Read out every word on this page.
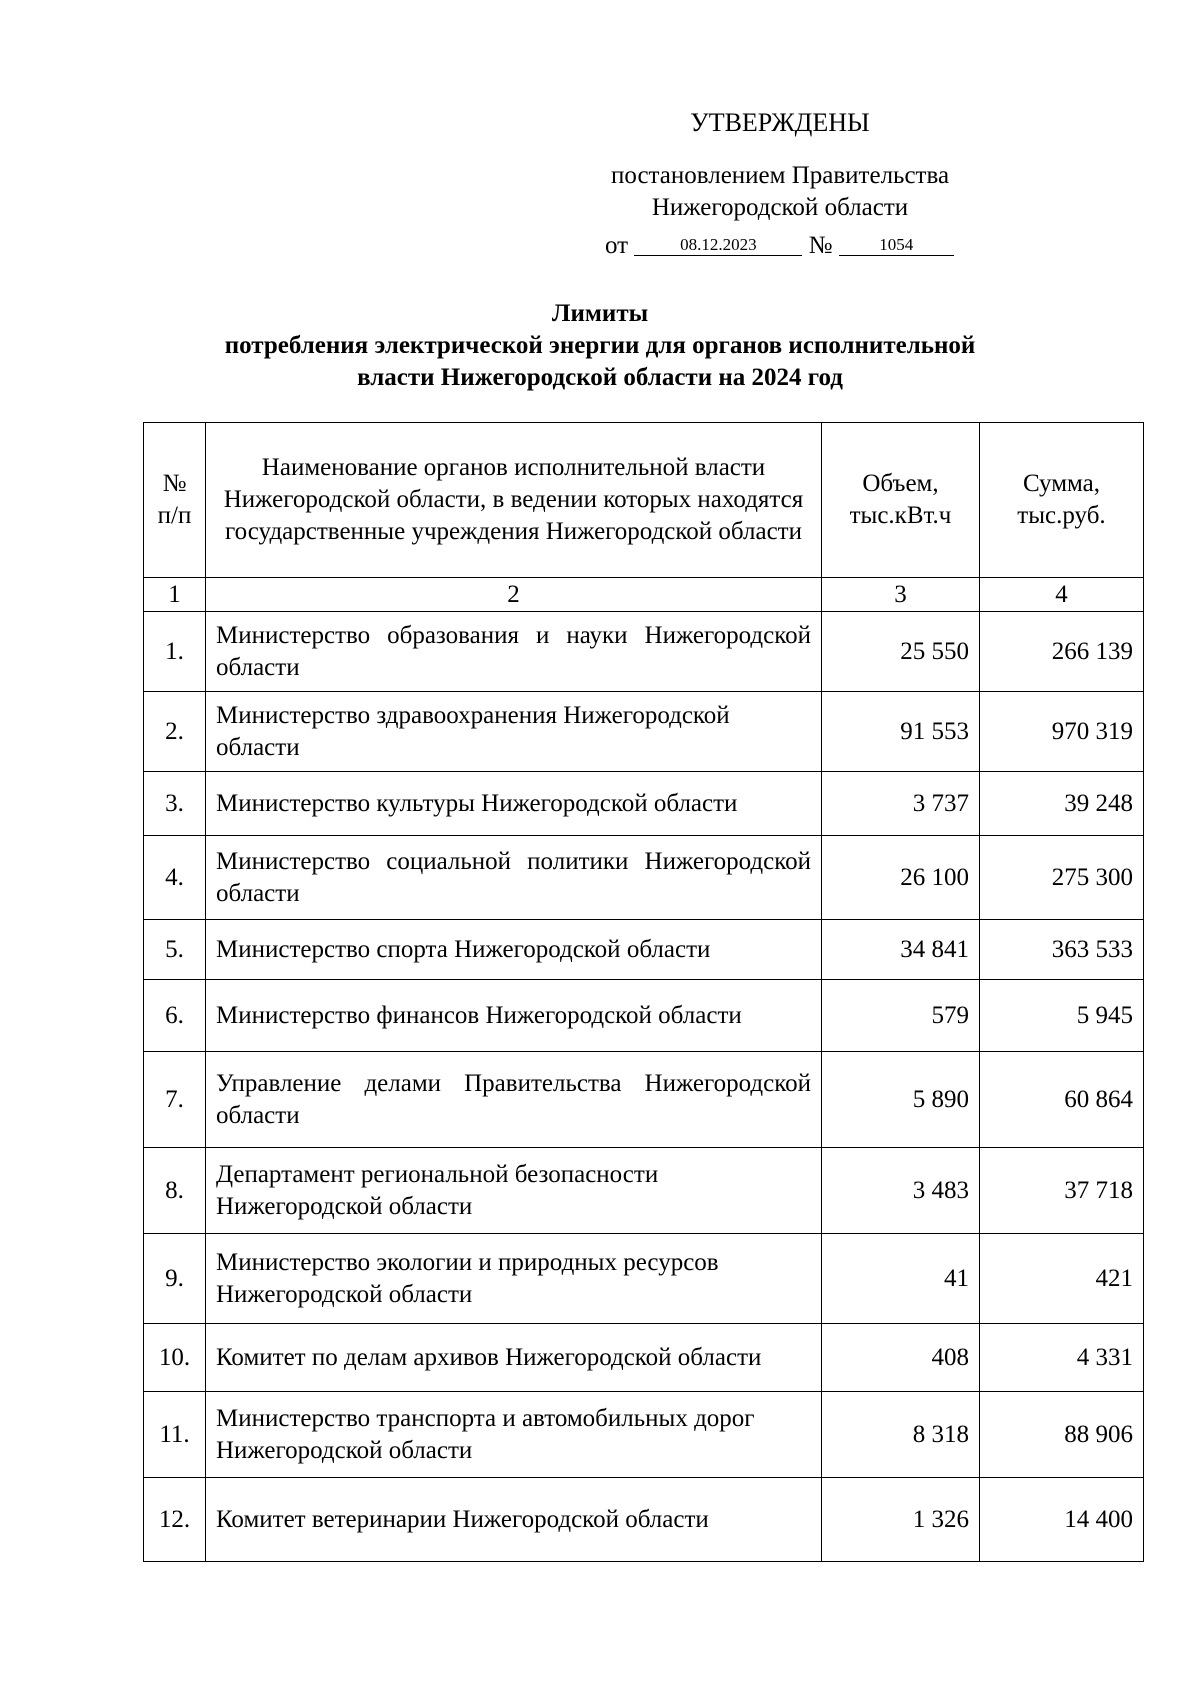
УТВЕРЖДЕНЫ
постановлением Правительства
Нижегородской области
от	08.12.2023 №	1054
Лимиты
потребления электрической энергии для органов исполнительной
власти Нижегородской области на 2024 год
№ п/п	Наименование органов исполнительной власти Нижегородской области, в ведении которых находятся государственные учреждения Нижегородской области	Объем, тыс.кВт.ч	Сумма, тыс.руб.
1	2	3	4
1.	Министерство образования и науки Нижегородской области	25 550	266 139
2.	Министерство здравоохранения Нижегородской области	91 553	970 319
3.	Министерство культуры Нижегородской области	3 737	39 248
4.	Министерство социальной политики Нижегородской области	26 100	275 300
5.	Министерство спорта Нижегородской области	34 841	363 533
6.	Министерство финансов Нижегородской области	579	5 945
7.	Управление делами Правительства Нижегородской области	5 890	60 864
8.	Департамент региональной безопасности Нижегородской области	3 483	37 718
9.	Министерство экологии и природных ресурсов Нижегородской области	41	421
10.	Комитет по делам архивов Нижегородской области	408	4 331
11.	Министерство транспорта и автомобильных дорог Нижегородской области	8 318	88 906
12.	Комитет ветеринарии Нижегородской области	1 326	14 400
